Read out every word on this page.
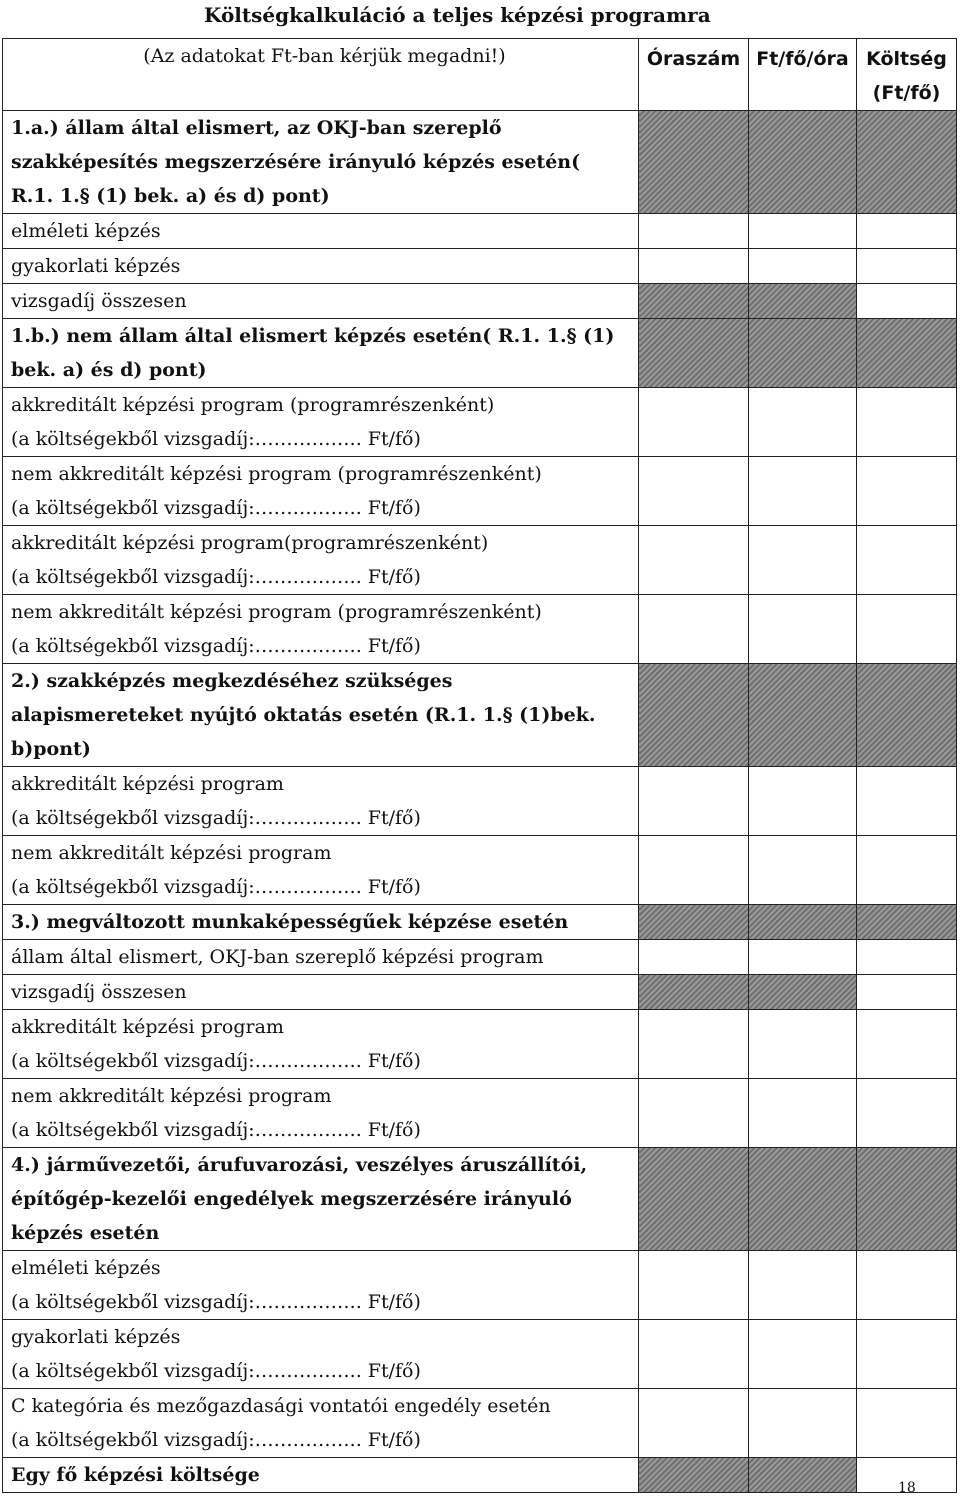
Költségkalkuláció a teljes képzési programra
(Az adatokat Ft-ban kérjük megadni!)	Óraszám	Ft/fő/óra	Költség
(Ft/fő)

1.a.) állam által elismert, az OKJ-ban szereplő
szakképesítés megszerzésére irányuló képzés esetén(
R.1. 1.§ (1) bek. a) és d) pont)			

elméleti képzés			

gyakorlati képzés			

vizsgadíj összesen			

1.b.) nem állam által elismert képzés esetén( R.1. 1.§ (1)
bek. a) és d) pont)			

akkreditált képzési program (programrészenként)
(a költségekből vizsgadíj:…………….. Ft/fő)			

nem akkreditált képzési program (programrészenként)
(a költségekből vizsgadíj:…………….. Ft/fő)			

akkreditált képzési program(programrészenként)
(a költségekből vizsgadíj:…………….. Ft/fő)			

nem akkreditált képzési program (programrészenként)
(a költségekből vizsgadíj:…………….. Ft/fő)			

2.) szakképzés megkezdéséhez szükséges
alapismereteket nyújtó oktatás esetén (R.1. 1.§ (1)bek.
b)pont)			

akkreditált képzési program
(a költségekből vizsgadíj:…………….. Ft/fő)			

nem akkreditált képzési program
(a költségekből vizsgadíj:…………….. Ft/fő)			

3.) megváltozott munkaképességűek képzése esetén			

állam által elismert, OKJ-ban szereplő képzési program			

vizsgadíj összesen			

akkreditált képzési program
(a költségekből vizsgadíj:…………….. Ft/fő)			

nem akkreditált képzési program
(a költségekből vizsgadíj:…………….. Ft/fő)			

4.) járművezetői, árufuvarozási, veszélyes áruszállítói,
építőgép-kezelői engedélyek megszerzésére irányuló
képzés esetén			

elméleti képzés
(a költségekből vizsgadíj:…………….. Ft/fő)			

gyakorlati képzés
(a költségekből vizsgadíj:…………….. Ft/fő)			

C kategória és mezőgazdasági vontatói engedély esetén
(a költségekből vizsgadíj:…………….. Ft/fő)			

Egy fő képzési költsége			

18
